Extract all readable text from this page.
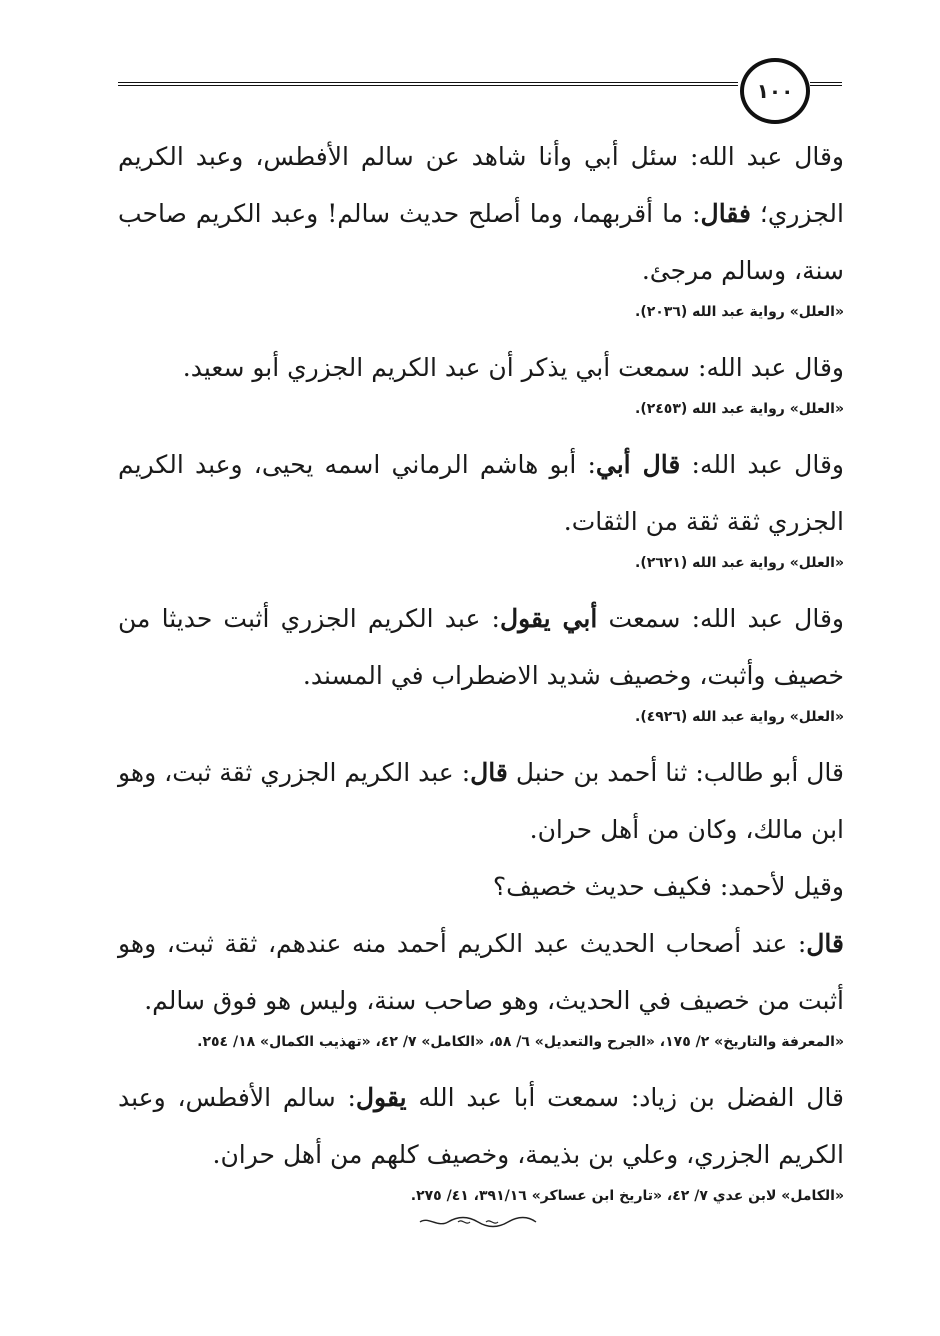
١٠٠

وقال عبد الله: سئل أبي وأنا شاهد عن سالم الأفطس، وعبد الكريم الجزري؛ فقال: ما أقربهما، وما أصلح حديث سالم! وعبد الكريم صاحب سنة، وسالم مرجئ.

«العلل» رواية عبد الله (٢٠٣٦).

وقال عبد الله: سمعت أبي يذكر أن عبد الكريم الجزري أبو سعيد.

«العلل» رواية عبد الله (٢٤٥٣).

وقال عبد الله: قال أبي: أبو هاشم الرماني اسمه يحيى، وعبد الكريم الجزري ثقة ثقة من الثقات.

«العلل» رواية عبد الله (٢٦٢١).

وقال عبد الله: سمعت أبي يقول: عبد الكريم الجزري أثبت حديثا من خصيف وأثبت، وخصيف شديد الاضطراب في المسند.

«العلل» رواية عبد الله (٤٩٢٦).

قال أبو طالب: ثنا أحمد بن حنبل قال: عبد الكريم الجزري ثقة ثبت، وهو ابن مالك، وكان من أهل حران.

وقيل لأحمد: فكيف حديث خصيف؟

قال: عند أصحاب الحديث عبد الكريم أحمد منه عندهم، ثقة ثبت، وهو أثبت من خصيف في الحديث، وهو صاحب سنة، وليس هو فوق سالم.

«المعرفة والتاريخ» ٢/ ١٧٥، «الجرح والتعديل» ٦/ ٥٨، «الكامل» ٧/ ٤٢، «تهذيب الكمال» ١٨/ ٢٥٤.

قال الفضل بن زياد: سمعت أبا عبد الله يقول: سالم الأفطس، وعبد الكريم الجزري، وعلي بن بذيمة، وخصيف كلهم من أهل حران.

«الكامل» لابن عدي ٧/ ٤٢، «تاريخ ابن عساكر» ٣٩١/١٦، ٤١/ ٢٧٥.
